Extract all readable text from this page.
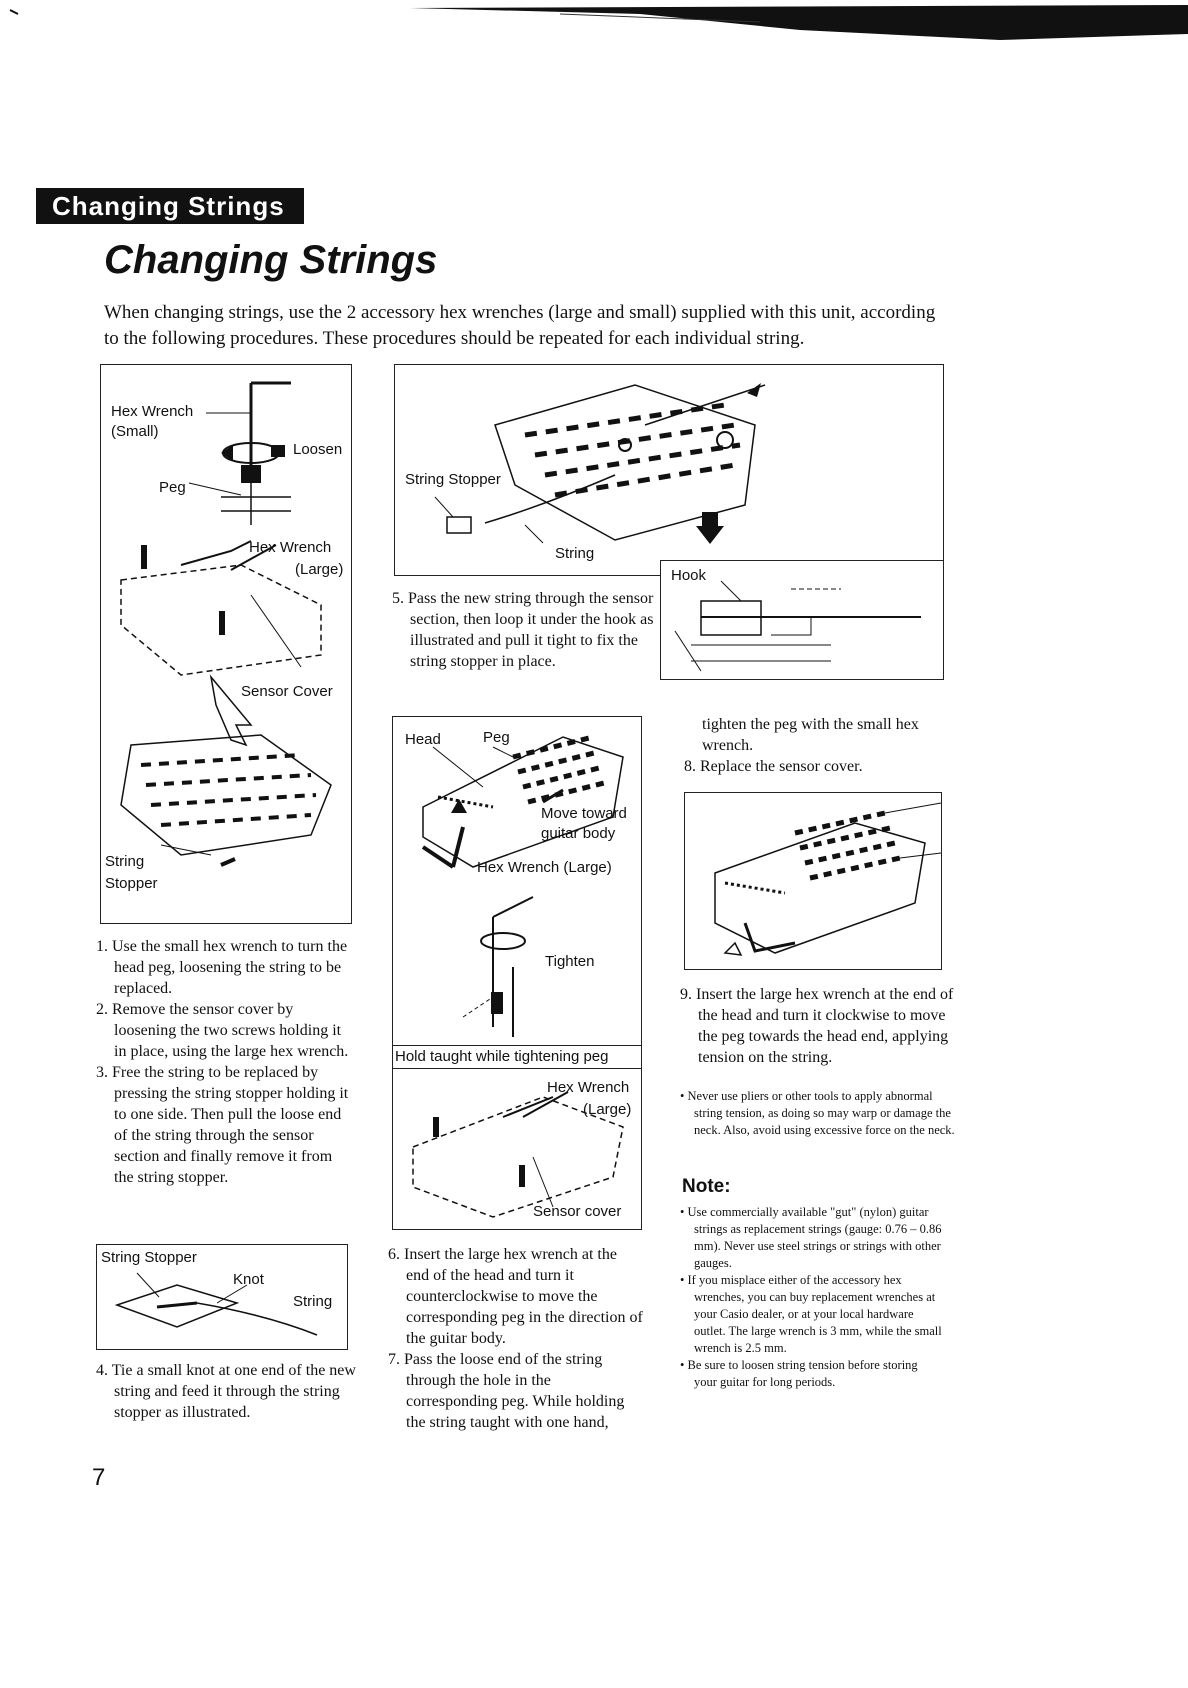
Changing Strings
Changing Strings
When changing strings, use the 2 accessory hex wrenches (large and small) supplied with this unit, according to the following procedures. These procedures should be repeated for each individual string.
Hex Wrench
(Small)
Loosen
Peg
Hex Wrench
(Large)
Sensor Cover
String
Stopper

1. Use the small hex wrench to turn the head peg, loosening the string to be replaced.

2. Remove the sensor cover by loosening the two screws holding it in place, using the large hex wrench.

3. Free the string to be replaced by pressing the string stopper holding it to one side. Then pull the loose end of the string through the sensor section and finally remove it from the string stopper.

String Stopper
Knot
String
4. Tie a small knot at one end of the new string and feed it through the string stopper as illustrated.
String Stopper
String
Hook
5. Pass the new string through the sensor section, then loop it under the hook as illustrated and pull it tight to fix the string stopper in place.
Head	Peg
Move toward
guitar body
Hex Wrench (Large)
Tighten
Hold taught while tightening peg
Hex Wrench
(Large)
Sensor cover

6. Insert the large hex wrench at the end of the head and turn it counterclockwise to move the corresponding peg in the direction of the guitar body.

7. Pass the loose end of the string through the hole in the corresponding peg. While holding the string taught with one hand,

tighten the peg with the small hex wrench.

8. Replace the sensor cover.

9. Insert the large hex wrench at the end of the head and turn it clockwise to move the peg towards the head end, applying tension on the string.
• Never use pliers or other tools to apply abnormal string tension, as doing so may warp or damage the neck. Also, avoid using excessive force on the neck.
Note:
• Use commercially available "gut" (nylon) guitar strings as replacement strings (gauge: 0.76 – 0.86 mm). Never use steel strings or strings with other gauges.
• If you misplace either of the accessory hex wrenches, you can buy replacement wrenches at your Casio dealer, or at your local hardware outlet. The large wrench is 3 mm, while the small wrench is 2.5 mm.
• Be sure to loosen string tension before storing your guitar for long periods.
7
